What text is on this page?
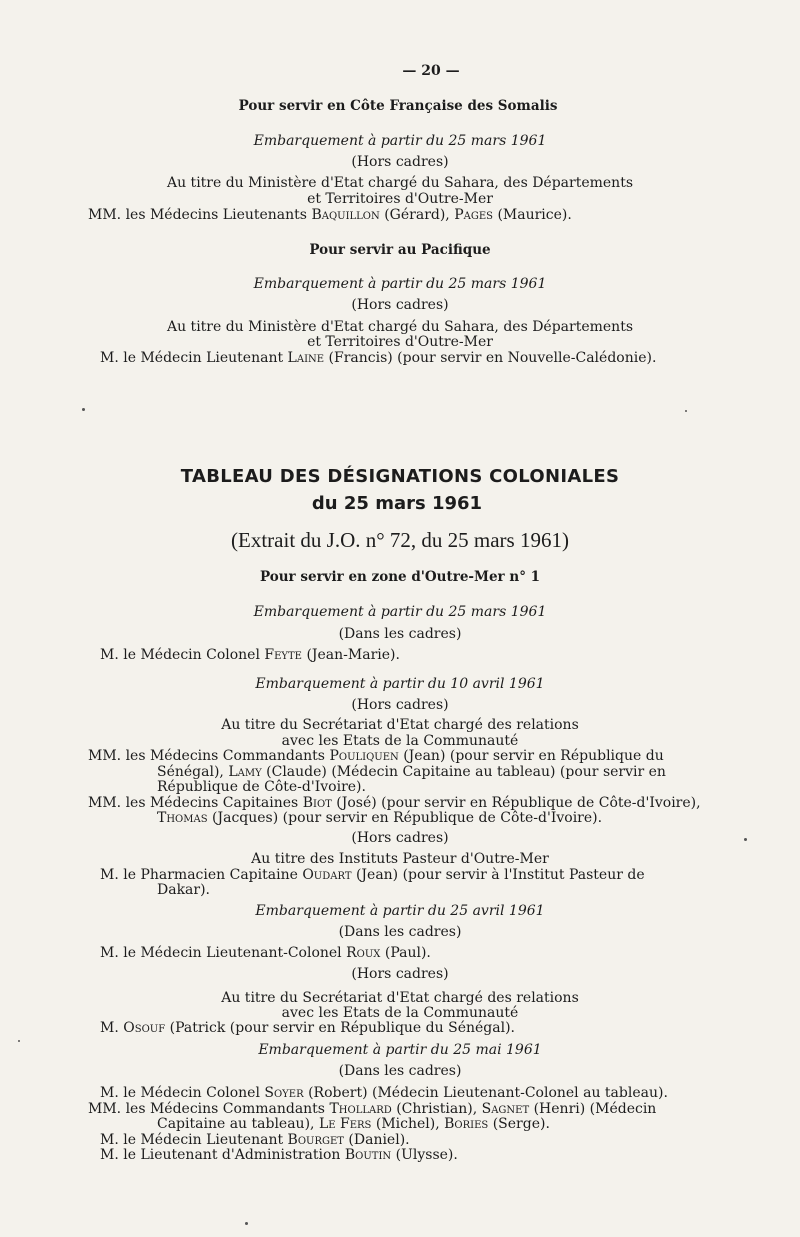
— 20 —
Pour servir en Côte Française des Somalis
Embarquement à partir du 25 mars 1961
(Hors cadres)
Au titre du Ministère d'Etat chargé du Sahara, des Départements
et Territoires d'Outre-Mer
MM. les Médecins Lieutenants Baquillon (Gérard), Pages (Maurice).
Pour servir au Pacifique
Embarquement à partir du 25 mars 1961
(Hors cadres)
Au titre du Ministère d'Etat chargé du Sahara, des Départements
et Territoires d'Outre-Mer
M. le Médecin Lieutenant Laine (Francis) (pour servir en Nouvelle-Calédonie).
TABLEAU DES DÉSIGNATIONS COLONIALES
du 25 mars 1961
(Extrait du J.O. n° 72, du 25 mars 1961)
Pour servir en zone d'Outre-Mer n° 1
Embarquement à partir du 25 mars 1961
(Dans les cadres)
M. le Médecin Colonel Feyte (Jean-Marie).
Embarquement à partir du 10 avril 1961
(Hors cadres)
Au titre du Secrétariat d'Etat chargé des relations
avec les Etats de la Communauté
MM. les Médecins Commandants Pouliquen (Jean) (pour servir en République du
Sénégal), Lamy (Claude) (Médecin Capitaine au tableau) (pour servir en
République de Côte-d'Ivoire).
MM. les Médecins Capitaines Biot (José) (pour servir en République de Côte-d'Ivoire),
Thomas (Jacques) (pour servir en République de Côte-d'Ivoire).
(Hors cadres)
Au titre des Instituts Pasteur d'Outre-Mer
M. le Pharmacien Capitaine Oudart (Jean) (pour servir à l'Institut Pasteur de
Dakar).
Embarquement à partir du 25 avril 1961
(Dans les cadres)
M. le Médecin Lieutenant-Colonel Roux (Paul).
(Hors cadres)
Au titre du Secrétariat d'Etat chargé des relations
avec les Etats de la Communauté
M. Osouf (Patrick (pour servir en République du Sénégal).
Embarquement à partir du 25 mai 1961
(Dans les cadres)
M. le Médecin Colonel Soyer (Robert) (Médecin Lieutenant-Colonel au tableau).
MM. les Médecins Commandants Thollard (Christian), Sagnet (Henri) (Médecin
Capitaine au tableau), Le Fers (Michel), Bories (Serge).
M. le Médecin Lieutenant Bourget (Daniel).
M. le Lieutenant d'Administration Boutin (Ulysse).
